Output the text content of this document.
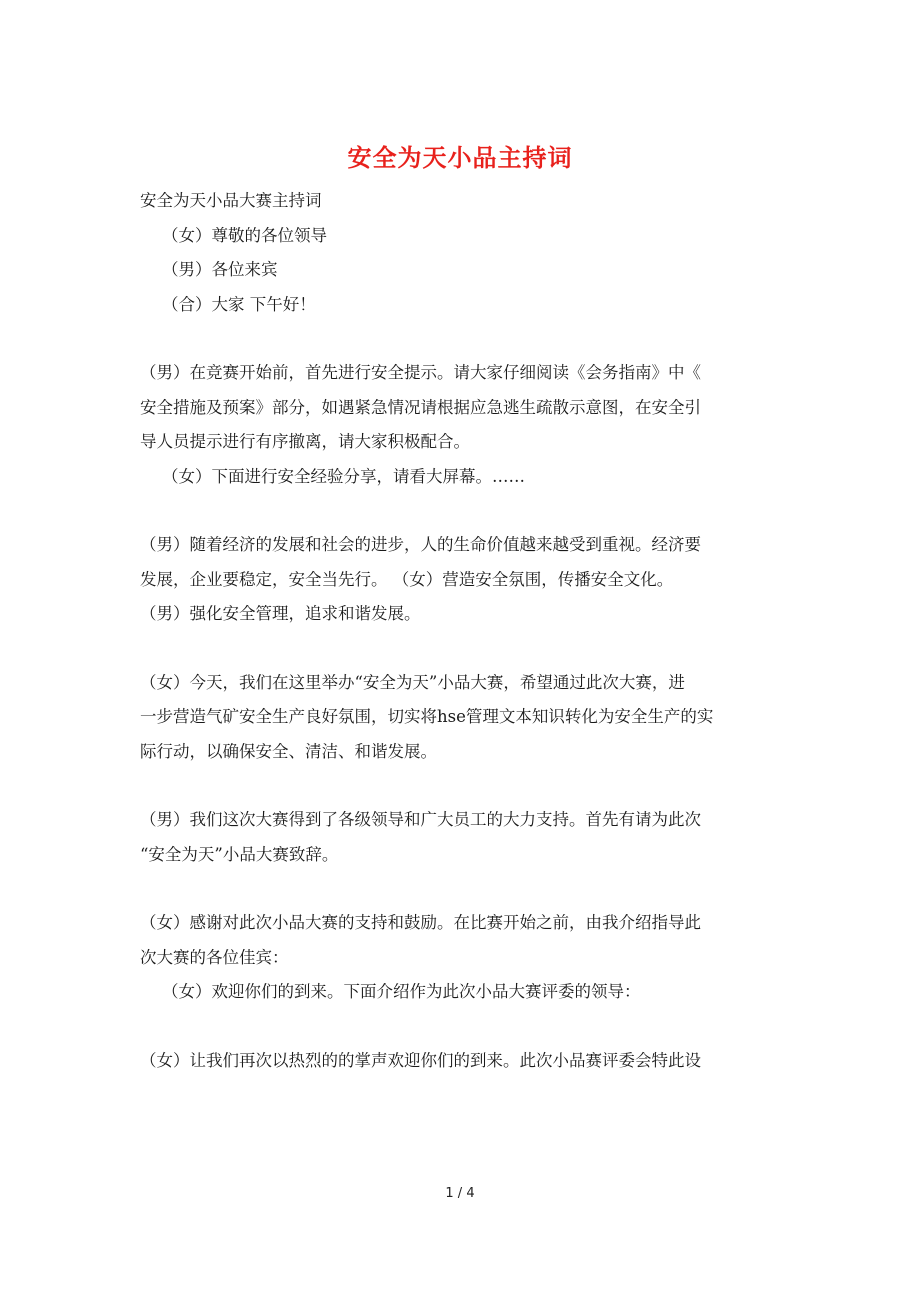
安全为天小品主持词

安全为天小品大赛主持词

（女）尊敬的各位领导

（男）各位来宾

（合）大家 下午好！

（男）在竞赛开始前，首先进行安全提示。请大家仔细阅读《会务指南》中《

安全措施及预案》部分，如遇紧急情况请根据应急逃生疏散示意图，在安全引

导人员提示进行有序撤离，请大家积极配合。

（女）下面进行安全经验分享，请看大屏幕。……

（男）随着经济的发展和社会的进步，人的生命价值越来越受到重视。经济要

发展，企业要稳定，安全当先行。 （女）营造安全氛围，传播安全文化。

（男）强化安全管理，追求和谐发展。

（女）今天，我们在这里举办“安全为天”小品大赛，希望通过此次大赛，进

一步营造气矿安全生产良好氛围，切实将hse管理文本知识转化为安全生产的实

际行动，以确保安全、清洁、和谐发展。

（男）我们这次大赛得到了各级领导和广大员工的大力支持。首先有请为此次

“安全为天”小品大赛致辞。

（女）感谢对此次小品大赛的支持和鼓励。在比赛开始之前，由我介绍指导此

次大赛的各位佳宾：

（女）欢迎你们的到来。下面介绍作为此次小品大赛评委的领导：

（女）让我们再次以热烈的的掌声欢迎你们的到来。此次小品赛评委会特此设

1 / 4
